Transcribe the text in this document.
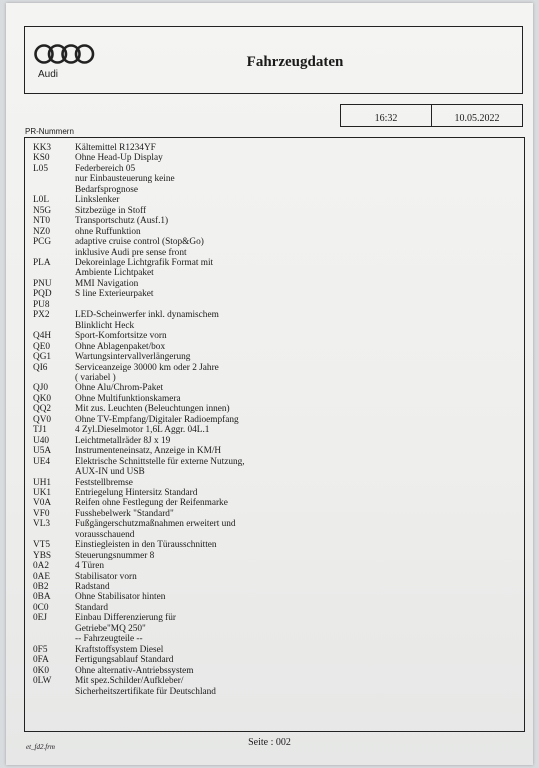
Audi
Fahrzeugdaten
16:32	10.05.2022
PR-Nummern
KK3	Kältemittel R1234YF
KS0	Ohne Head-Up Display
L05	Federbereich 05
nur Einbausteuerung keine
Bedarfsprognose
L0L	Linkslenker
N5G	Sitzbezüge in Stoff
NT0	Transportschutz (Ausf.1)
NZ0	ohne Ruffunktion
PCG	adaptive cruise control (Stop&Go)
inklusive Audi pre sense front
PLA	Dekoreinlage Lichtgrafik Format mit
Ambiente Lichtpaket
PNU	MMI Navigation
PQD	S line Exterieurpaket
PU8
PX2	LED-Scheinwerfer inkl. dynamischem
Blinklicht Heck
Q4H	Sport-Komfortsitze vorn
QE0	Ohne Ablagenpaket/box
QG1	Wartungsintervallverlängerung
QI6	Serviceanzeige 30000 km oder 2 Jahre
( variabel )
QJ0	Ohne Alu/Chrom-Paket
QK0	Ohne Multifunktionskamera
QQ2	Mit zus. Leuchten (Beleuchtungen innen)
QV0	Ohne TV-Empfang/Digitaler Radioempfang
TJ1	4 Zyl.Dieselmotor 1,6L Aggr. 04L.1
U40	Leichtmetallräder 8J x 19
U5A	Instrumenteneinsatz, Anzeige in KM/H
UE4	Elektrische Schnittstelle für externe Nutzung,
AUX-IN und USB
UH1	Feststellbremse
UK1	Entriegelung Hintersitz Standard
V0A	Reifen ohne Festlegung der Reifenmarke
VF0	Fusshebelwerk "Standard"
VL3	Fußgängerschutzmaßnahmen erweitert und
vorausschauend
VT5	Einstiegleisten in den Türausschnitten
YBS	Steuerungsnummer 8
0A2	4 Türen
0AE	Stabilisator vorn
0B2	Radstand
0BA	Ohne Stabilisator hinten
0C0	Standard
0EJ	Einbau Differenzierung für
Getriebe"MQ 250"
-- Fahrzeugteile --
0F5	Kraftstoffsystem Diesel
0FA	Fertigungsablauf Standard
0K0	Ohne alternativ-Antriebssystem
0LW	Mit spez.Schilder/Aufkleber/
Sicherheitszertifikate für Deutschland
et_fd2.frm	Seite : 002
